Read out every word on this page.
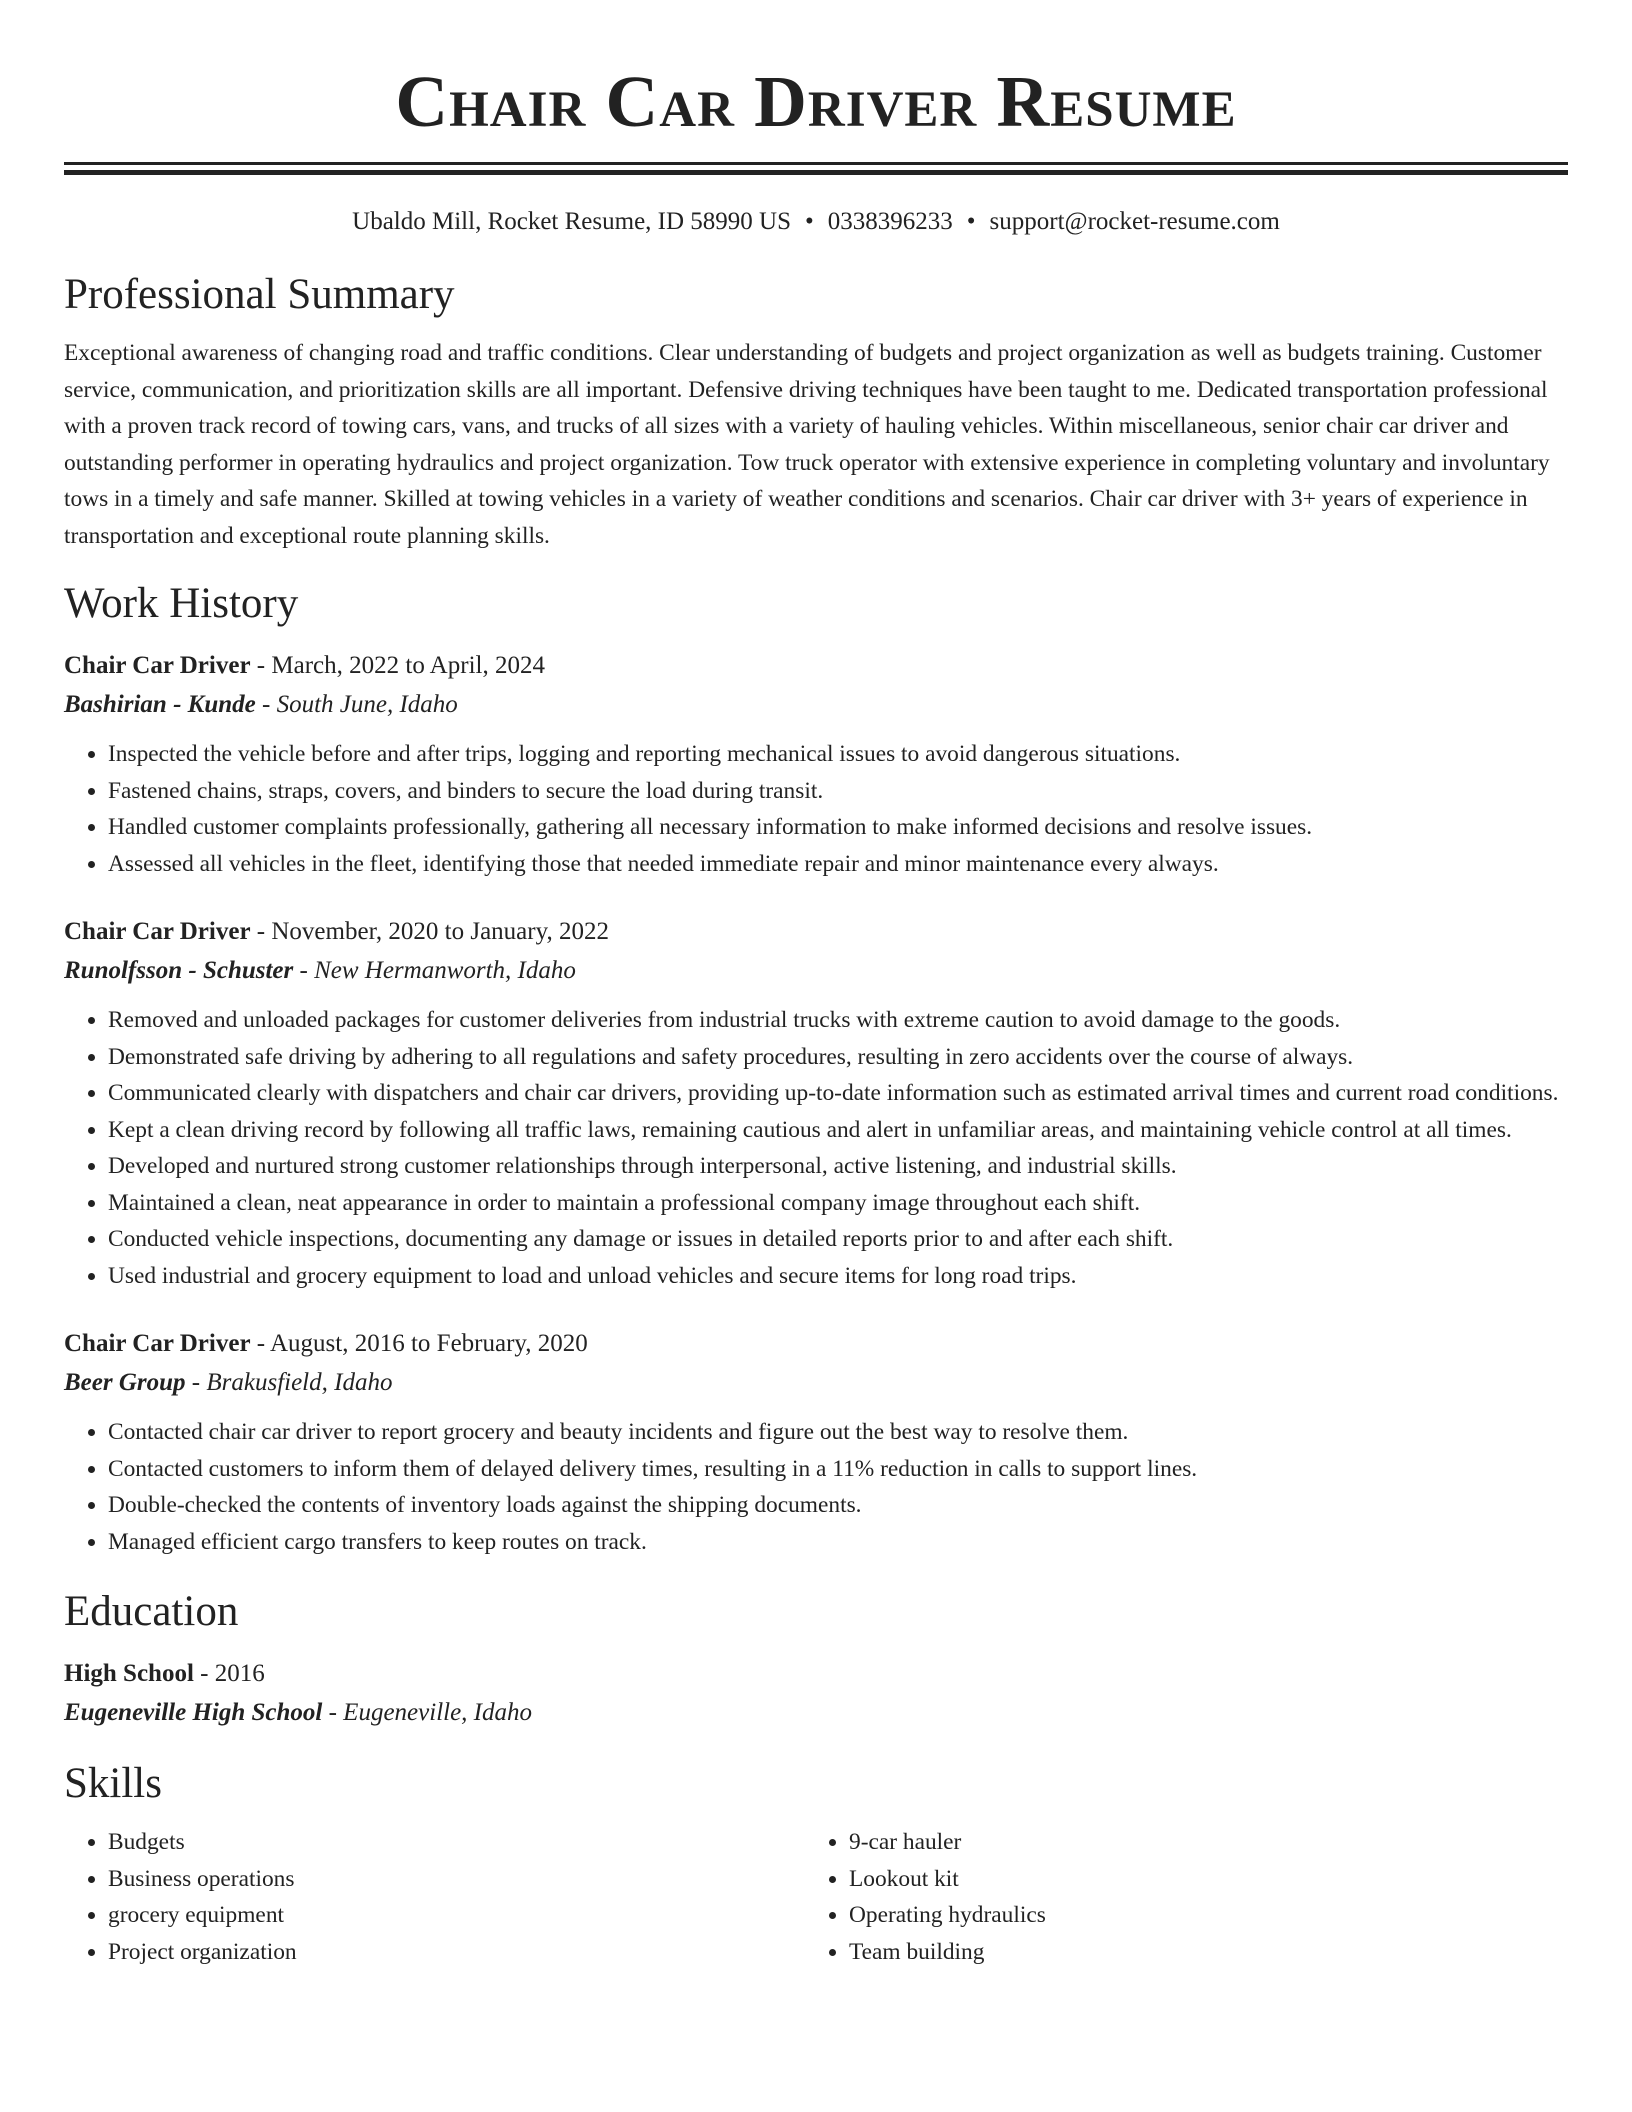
Chair Car Driver Resume
Ubaldo Mill, Rocket Resume, ID 58990 US • 0338396233 • support@rocket-resume.com
Professional Summary
Exceptional awareness of changing road and traffic conditions. Clear understanding of budgets and project organization as well as budgets training. Customer service, communication, and prioritization skills are all important. Defensive driving techniques have been taught to me. Dedicated transportation professional with a proven track record of towing cars, vans, and trucks of all sizes with a variety of hauling vehicles. Within miscellaneous, senior chair car driver and outstanding performer in operating hydraulics and project organization. Tow truck operator with extensive experience in completing voluntary and involuntary tows in a timely and safe manner. Skilled at towing vehicles in a variety of weather conditions and scenarios. Chair car driver with 3+ years of experience in transportation and exceptional route planning skills.
Work History
Chair Car Driver - March, 2022 to April, 2024
Bashirian - Kunde - South June, Idaho
• Inspected the vehicle before and after trips, logging and reporting mechanical issues to avoid dangerous situations.
• Fastened chains, straps, covers, and binders to secure the load during transit.
• Handled customer complaints professionally, gathering all necessary information to make informed decisions and resolve issues.
• Assessed all vehicles in the fleet, identifying those that needed immediate repair and minor maintenance every always.
Chair Car Driver - November, 2020 to January, 2022
Runolfsson - Schuster - New Hermanworth, Idaho
• Removed and unloaded packages for customer deliveries from industrial trucks with extreme caution to avoid damage to the goods.
• Demonstrated safe driving by adhering to all regulations and safety procedures, resulting in zero accidents over the course of always.
• Communicated clearly with dispatchers and chair car drivers, providing up-to-date information such as estimated arrival times and current road conditions.
• Kept a clean driving record by following all traffic laws, remaining cautious and alert in unfamiliar areas, and maintaining vehicle control at all times.
• Developed and nurtured strong customer relationships through interpersonal, active listening, and industrial skills.
• Maintained a clean, neat appearance in order to maintain a professional company image throughout each shift.
• Conducted vehicle inspections, documenting any damage or issues in detailed reports prior to and after each shift.
• Used industrial and grocery equipment to load and unload vehicles and secure items for long road trips.
Chair Car Driver - August, 2016 to February, 2020
Beer Group - Brakusfield, Idaho
• Contacted chair car driver to report grocery and beauty incidents and figure out the best way to resolve them.
• Contacted customers to inform them of delayed delivery times, resulting in a 11% reduction in calls to support lines.
• Double-checked the contents of inventory loads against the shipping documents.
• Managed efficient cargo transfers to keep routes on track.
Education
High School - 2016
Eugeneville High School - Eugeneville, Idaho
Skills
• Budgets
• Business operations
• grocery equipment
• Project organization
• 9-car hauler
• Lookout kit
• Operating hydraulics
• Team building
